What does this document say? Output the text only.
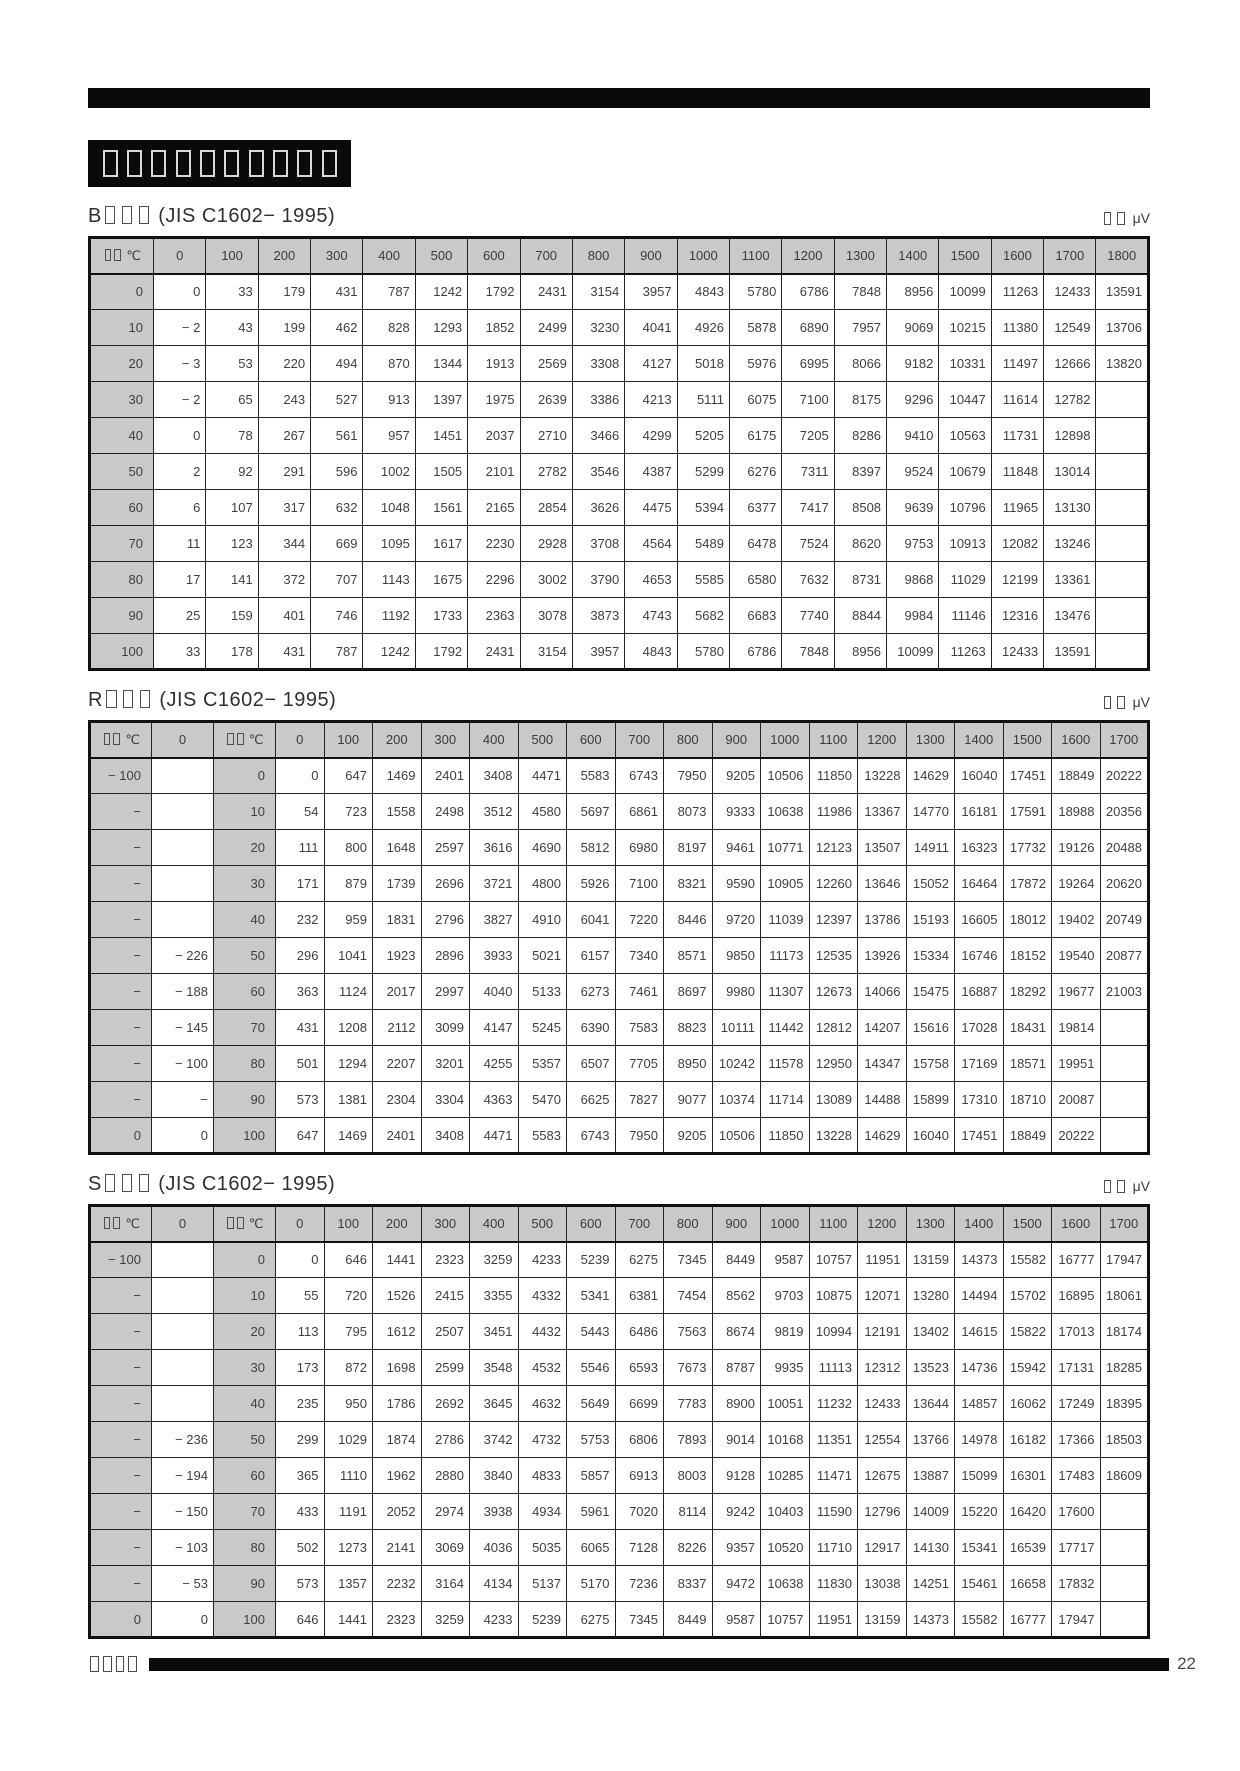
B	(JIS C1602− 1995)	μV
℃	0	100	200	300	400	500	600	700	800	900	1000	1100	1200	1300	1400	1500	1600	1700	1800
0	0	33	179	431	787	1242	1792	2431	3154	3957	4843	5780	6786	7848	8956	10099	11263	12433	13591
10	− 2	43	199	462	828	1293	1852	2499	3230	4041	4926	5878	6890	7957	9069	10215	11380	12549	13706
20	− 3	53	220	494	870	1344	1913	2569	3308	4127	5018	5976	6995	8066	9182	10331	11497	12666	13820
30	− 2	65	243	527	913	1397	1975	2639	3386	4213	5111	6075	7100	8175	9296	10447	11614	12782	
40	0	78	267	561	957	1451	2037	2710	3466	4299	5205	6175	7205	8286	9410	10563	11731	12898	
50	2	92	291	596	1002	1505	2101	2782	3546	4387	5299	6276	7311	8397	9524	10679	11848	13014	
60	6	107	317	632	1048	1561	2165	2854	3626	4475	5394	6377	7417	8508	9639	10796	11965	13130	
70	11	123	344	669	1095	1617	2230	2928	3708	4564	5489	6478	7524	8620	9753	10913	12082	13246	
80	17	141	372	707	1143	1675	2296	3002	3790	4653	5585	6580	7632	8731	9868	11029	12199	13361	
90	25	159	401	746	1192	1733	2363	3078	3873	4743	5682	6683	7740	8844	9984	11146	12316	13476	
100	33	178	431	787	1242	1792	2431	3154	3957	4843	5780	6786	7848	8956	10099	11263	12433	13591	
R	(JIS C1602− 1995)	μV
℃	0	℃	0	100	200	300	400	500	600	700	800	900	1000	1100	1200	1300	1400	1500	1600	1700
− 100		0	0	647	1469	2401	3408	4471	5583	6743	7950	9205	10506	11850	13228	14629	16040	17451	18849	20222
−		10	54	723	1558	2498	3512	4580	5697	6861	8073	9333	10638	11986	13367	14770	16181	17591	18988	20356
−		20	111	800	1648	2597	3616	4690	5812	6980	8197	9461	10771	12123	13507	14911	16323	17732	19126	20488
−		30	171	879	1739	2696	3721	4800	5926	7100	8321	9590	10905	12260	13646	15052	16464	17872	19264	20620
−		40	232	959	1831	2796	3827	4910	6041	7220	8446	9720	11039	12397	13786	15193	16605	18012	19402	20749
−	− 226	50	296	1041	1923	2896	3933	5021	6157	7340	8571	9850	11173	12535	13926	15334	16746	18152	19540	20877
−	− 188	60	363	1124	2017	2997	4040	5133	6273	7461	8697	9980	11307	12673	14066	15475	16887	18292	19677	21003
−	− 145	70	431	1208	2112	3099	4147	5245	6390	7583	8823	10111	11442	12812	14207	15616	17028	18431	19814	
−	− 100	80	501	1294	2207	3201	4255	5357	6507	7705	8950	10242	11578	12950	14347	15758	17169	18571	19951	
−	−	90	573	1381	2304	3304	4363	5470	6625	7827	9077	10374	11714	13089	14488	15899	17310	18710	20087	
0	0	100	647	1469	2401	3408	4471	5583	6743	7950	9205	10506	11850	13228	14629	16040	17451	18849	20222	
S	(JIS C1602− 1995)	μV
℃	0	℃	0	100	200	300	400	500	600	700	800	900	1000	1100	1200	1300	1400	1500	1600	1700
− 100		0	0	646	1441	2323	3259	4233	5239	6275	7345	8449	9587	10757	11951	13159	14373	15582	16777	17947
−		10	55	720	1526	2415	3355	4332	5341	6381	7454	8562	9703	10875	12071	13280	14494	15702	16895	18061
−		20	113	795	1612	2507	3451	4432	5443	6486	7563	8674	9819	10994	12191	13402	14615	15822	17013	18174
−		30	173	872	1698	2599	3548	4532	5546	6593	7673	8787	9935	11113	12312	13523	14736	15942	17131	18285
−		40	235	950	1786	2692	3645	4632	5649	6699	7783	8900	10051	11232	12433	13644	14857	16062	17249	18395
−	− 236	50	299	1029	1874	2786	3742	4732	5753	6806	7893	9014	10168	11351	12554	13766	14978	16182	17366	18503
−	− 194	60	365	1110	1962	2880	3840	4833	5857	6913	8003	9128	10285	11471	12675	13887	15099	16301	17483	18609
−	− 150	70	433	1191	2052	2974	3938	4934	5961	7020	8114	9242	10403	11590	12796	14009	15220	16420	17600	
−	− 103	80	502	1273	2141	3069	4036	5035	6065	7128	8226	9357	10520	11710	12917	14130	15341	16539	17717	
−	− 53	90	573	1357	2232	3164	4134	5137	5170	7236	8337	9472	10638	11830	13038	14251	15461	16658	17832	
0	0	100	646	1441	2323	3259	4233	5239	6275	7345	8449	9587	10757	11951	13159	14373	15582	16777	17947	
22
